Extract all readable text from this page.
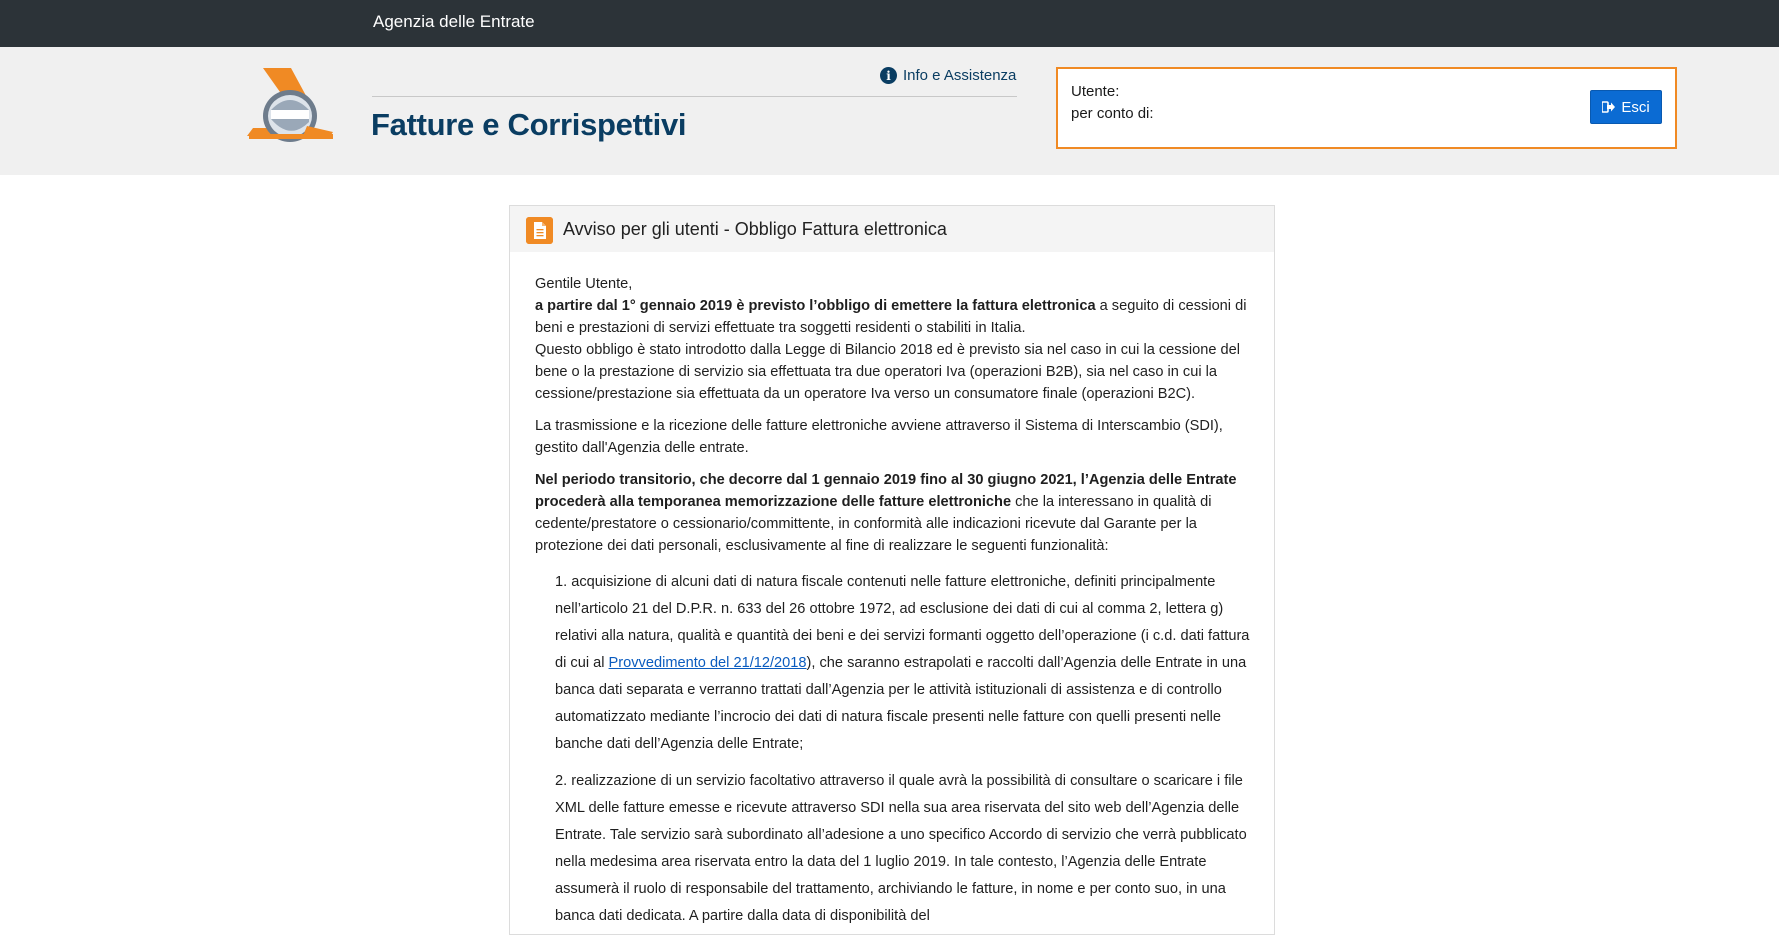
Agenzia delle Entrate
i Info e Assistenza
Fatture e Corrispettivi
Utente:
per conto di:	Esci
Avviso per gli utenti - Obbligo Fattura elettronica

Gentile Utente,
a partire dal 1° gennaio 2019 è previsto l’obbligo di emettere la fattura elettronica a seguito di cessioni di beni e prestazioni di servizi effettuate tra soggetti residenti o stabiliti in Italia.
Questo obbligo è stato introdotto dalla Legge di Bilancio 2018 ed è previsto sia nel caso in cui la cessione del bene o la prestazione di servizio sia effettuata tra due operatori Iva (operazioni B2B), sia nel caso in cui la cessione/prestazione sia effettuata da un operatore Iva verso un consumatore finale (operazioni B2C).

La trasmissione e la ricezione delle fatture elettroniche avviene attraverso il Sistema di Interscambio (SDI), gestito dall'Agenzia delle entrate.

Nel periodo transitorio, che decorre dal 1 gennaio 2019 fino al 30 giugno 2021, l’Agenzia delle Entrate procederà alla temporanea memorizzazione delle fatture elettroniche che la interessano in qualità di cedente/prestatore o cessionario/committente, in conformità alle indicazioni ricevute dal Garante per la protezione dei dati personali, esclusivamente al fine di realizzare le seguenti funzionalità:

1. acquisizione di alcuni dati di natura fiscale contenuti nelle fatture elettroniche, definiti principalmente nell’articolo 21 del D.P.R. n. 633 del 26 ottobre 1972, ad esclusione dei dati di cui al comma 2, lettera g) relativi alla natura, qualità e quantità dei beni e dei servizi formanti oggetto dell’operazione (i c.d. dati fattura di cui al Provvedimento del 21/12/2018), che saranno estrapolati e raccolti dall’Agenzia delle Entrate in una banca dati separata e verranno trattati dall’Agenzia per le attività istituzionali di assistenza e di controllo automatizzato mediante l’incrocio dei dati di natura fiscale presenti nelle fatture con quelli presenti nelle banche dati dell’Agenzia delle Entrate;
2. realizzazione di un servizio facoltativo attraverso il quale avrà la possibilità di consultare o scaricare i file XML delle fatture emesse e ricevute attraverso SDI nella sua area riservata del sito web dell’Agenzia delle Entrate. Tale servizio sarà subordinato all’adesione a uno specifico Accordo di servizio che verrà pubblicato nella medesima area riservata entro la data del 1 luglio 2019. In tale contesto, l’Agenzia delle Entrate assumerà il ruolo di responsabile del trattamento, archiviando le fatture, in nome e per conto suo, in una banca dati dedicata. A partire dalla data di disponibilità del
